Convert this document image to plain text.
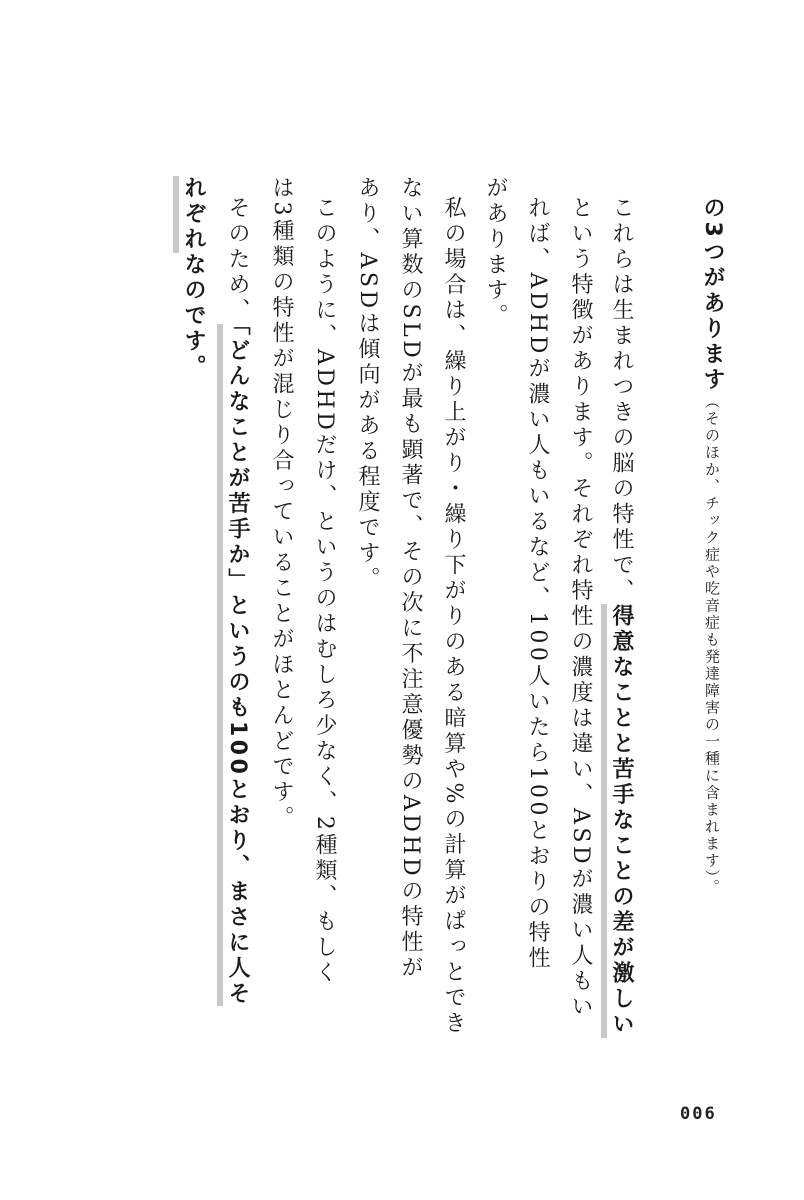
の3つがあります（そのほか、チック症や吃音症も発達障害の一種に含まれます）。
これらは生まれつきの脳の特性で、得意なことと苦手なことの差が激しい
という特徴があります。それぞれ特性の濃度は違い、ASDが濃い人もい
れば、ADHDが濃い人もいるなど、100人いたら100とおりの特性
があります。
私の場合は、繰り上がり・繰り下がりのある暗算や%の計算がぱっとでき
ない算数のSLDが最も顕著で、その次に不注意優勢のADHDの特性が
あり、ASDは傾向がある程度です。
このように、ADHDだけ、というのはむしろ少なく、2種類、もしく
は3種類の特性が混じり合っていることがほとんどです。
そのため、「どんなことが苦手か」というのも100とおり、まさに人そ
れぞれなのです。
006
